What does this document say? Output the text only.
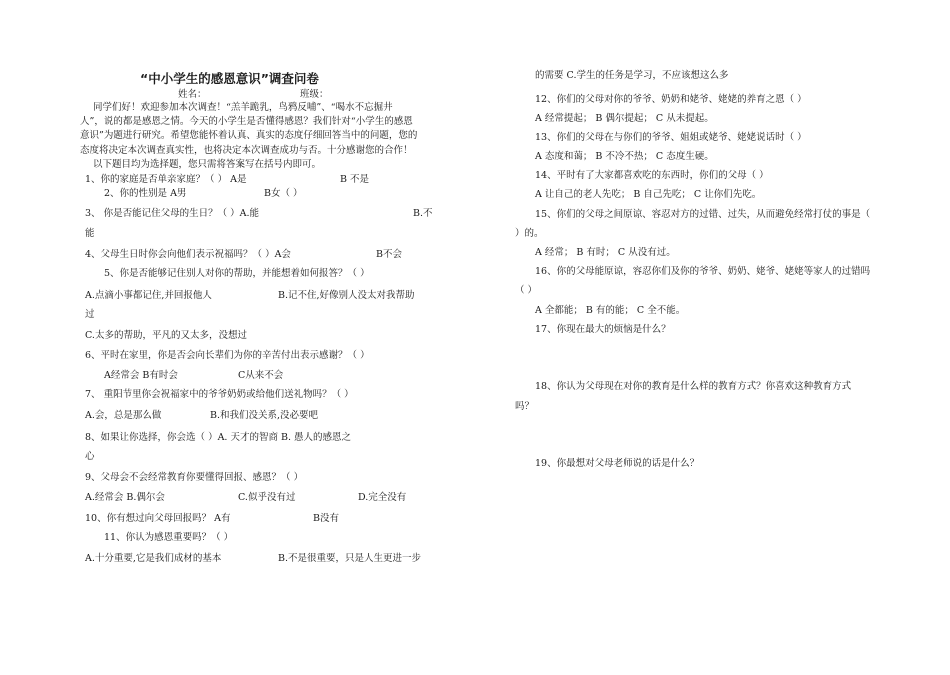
“中小学生的感恩意识”调查问卷
姓名：	班级：
同学们好！欢迎参加本次调查！“羔羊跪乳，鸟鸦反哺”、“喝水不忘掘井
人”，说的都是感恩之情。今天的小学生是否懂得感恩？我们针对“小学生的感恩
意识”为题进行研究。希望您能怀着认真、真实的态度仔细回答当中的问题，您的
态度将决定本次调查真实性，也将决定本次调查成功与否。十分感谢您的合作！
以下题目均为选择题，您只需将答案写在括号内即可。
1、你的家庭是否单亲家庭？（ ） A是	B 不是
2、你的性别是 A男	B女（ ）
3、 你是否能记住父母的生日？（ ）A.能	B.不
能
4、父母生日时你会向他们表示祝福吗？（ ）A会	B不会
5、你是否能够记住别人对你的帮助，并能想着如何报答？（ ）
A.点滴小事都记住,并回报他人	B.记不住,好像别人没太对我帮助
过
C.太多的帮助，平凡的又太多，没想过
6、平时在家里，你是否会向长辈们为你的辛苦付出表示感谢？（ ）
A经常会 B有时会	C从来不会
7、 重阳节里你会祝福家中的爷爷奶奶或给他们送礼物吗？（ ）
A.会，总是那么做	B.和我们没关系,没必要吧
8、如果让你选择，你会选（ ）A. 天才的智商 B. 愚人的感恩之
心
9、父母会不会经常教育你要懂得回报、感恩？（ ）
A.经常会 B.偶尔会	C.似乎没有过	D.完全没有
10、你有想过向父母回报吗？ A有	B没有
11、你认为感恩重要吗？（ ）
A.十分重要,它是我们成材的基本	B.不是很重要，只是人生更进一步
的需要 C.学生的任务是学习，不应该想这么多
12、你们的父母对你的爷爷、奶奶和姥爷、姥姥的养育之恩（ ）
A 经常提起； B 偶尔提起； C 从未提起。
13、你们的父母在与你们的爷爷、姐姐或姥爷、姥姥说话时（ ）
A 态度和蔼； B 不冷不热； C 态度生硬。
14、平时有了大家都喜欢吃的东西时，你们的父母（ ）
A 让自己的老人先吃； B 自己先吃； C 让你们先吃。
15、你们的父母之间原谅、容忍对方的过错、过失，从而避免经常打仗的事是（
）的。
A 经常； B 有时； C 从没有过。
16、你的父母能原谅，容忍你们及你的爷爷、奶奶、姥爷、姥姥等家人的过错吗
（ ）
A 全都能； B 有的能； C 全不能。
17、你现在最大的烦恼是什么？
18、你认为父母现在对你的教育是什么样的教育方式？你喜欢这种教育方式
吗？
19、你最想对父母老师说的话是什么？
